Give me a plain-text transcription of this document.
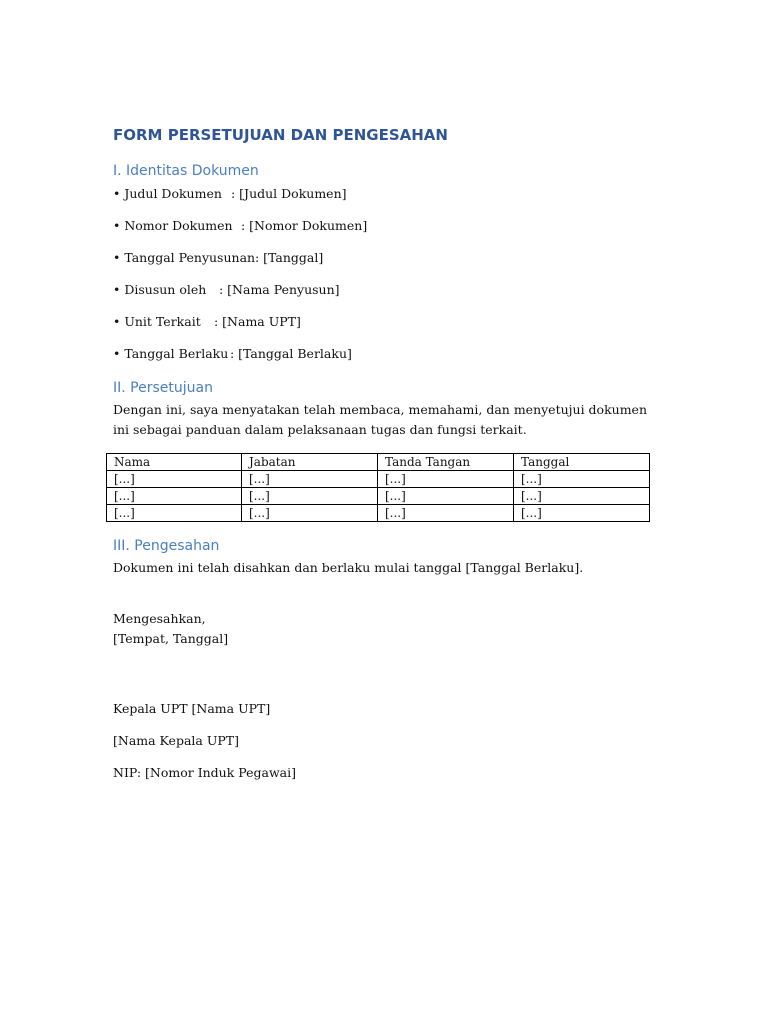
FORM PERSETUJUAN DAN PENGESAHAN
I. Identitas Dokumen
• Judul Dokumen : [Judul Dokumen]
• Nomor Dokumen : [Nomor Dokumen]
• Tanggal Penyusunan : [Tanggal]
• Disusun oleh	: [Nama Penyusun]
• Unit Terkait	: [Nama UPT]
• Tanggal Berlaku : [Tanggal Berlaku]
II. Persetujuan
Dengan ini, saya menyatakan telah membaca, memahami, dan menyetujui dokumen ini sebagai panduan dalam pelaksanaan tugas dan fungsi terkait.
Nama	Jabatan	Tanda Tangan	Tanggal
[...]	[...]	[...]	[...]
[...]	[...]	[...]	[...]
[...]	[...]	[...]	[...]
III. Pengesahan
Dokumen ini telah disahkan dan berlaku mulai tanggal [Tanggal Berlaku].
Mengesahkan,
[Tempat, Tanggal]
Kepala UPT [Nama UPT]
[Nama Kepala UPT]
NIP: [Nomor Induk Pegawai]
